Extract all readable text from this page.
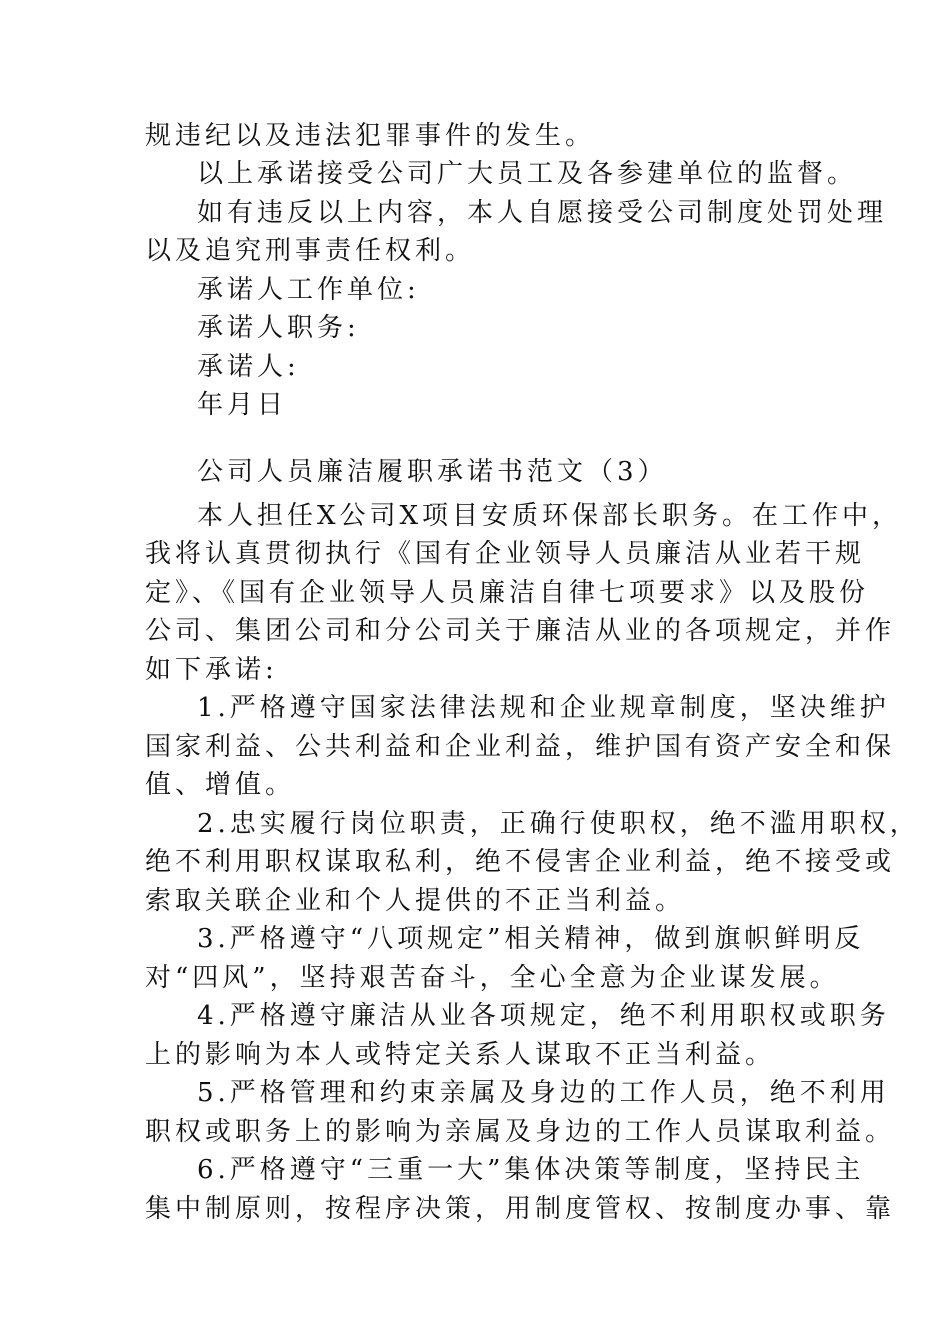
规违纪以及违法犯罪事件的发生。
以上承诺接受公司广大员工及各参建单位的监督。
如有违反以上内容，本人自愿接受公司制度处罚处理
以及追究刑事责任权利。
承诺人工作单位:
承诺人职务:
承诺人:
年月日
公司人员廉洁履职承诺书范文（3）
本人担任X公司X项目安质环保部长职务。在工作中，
我将认真贯彻执行《国有企业领导人员廉洁从业若干规
定》、《国有企业领导人员廉洁自律七项要求》以及股份
公司、集团公司和分公司关于廉洁从业的各项规定，并作
如下承诺:
1.严格遵守国家法律法规和企业规章制度，坚决维护
国家利益、公共利益和企业利益，维护国有资产安全和保
值、增值。
2.忠实履行岗位职责，正确行使职权，绝不滥用职权，
绝不利用职权谋取私利，绝不侵害企业利益，绝不接受或
索取关联企业和个人提供的不正当利益。
3.严格遵守“八项规定”相关精神，做到旗帜鲜明反
对“四风”，坚持艰苦奋斗，全心全意为企业谋发展。
4.严格遵守廉洁从业各项规定，绝不利用职权或职务
上的影响为本人或特定关系人谋取不正当利益。
5.严格管理和约束亲属及身边的工作人员，绝不利用
职权或职务上的影响为亲属及身边的工作人员谋取利益。
6.严格遵守“三重一大”集体决策等制度，坚持民主
集中制原则，按程序决策，用制度管权、按制度办事、靠
